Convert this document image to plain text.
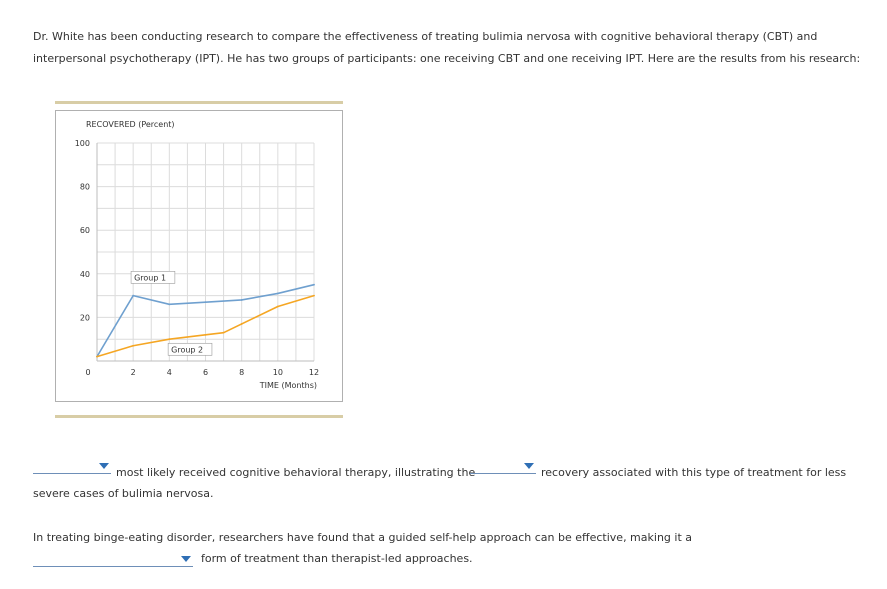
Dr. White has been conducting research to compare the effectiveness of treating bulimia nervosa with cognitive behavioral therapy (CBT) and interpersonal psychotherapy (IPT). He has two groups of participants: one receiving CBT and one receiving IPT. Here are the results from his research:
100
80
60
40
20
0	2	4	6	8	10	12
RECOVERED (Percent)
TIME (Months)
Group 1
Group 2
most likely received cognitive behavioral therapy, illustrating the	recovery associated with this type of treatment for less
severe cases of bulimia nervosa.
In treating binge-eating disorder, researchers have found that a guided self-help approach can be effective, making it a
form of treatment than therapist-led approaches.
